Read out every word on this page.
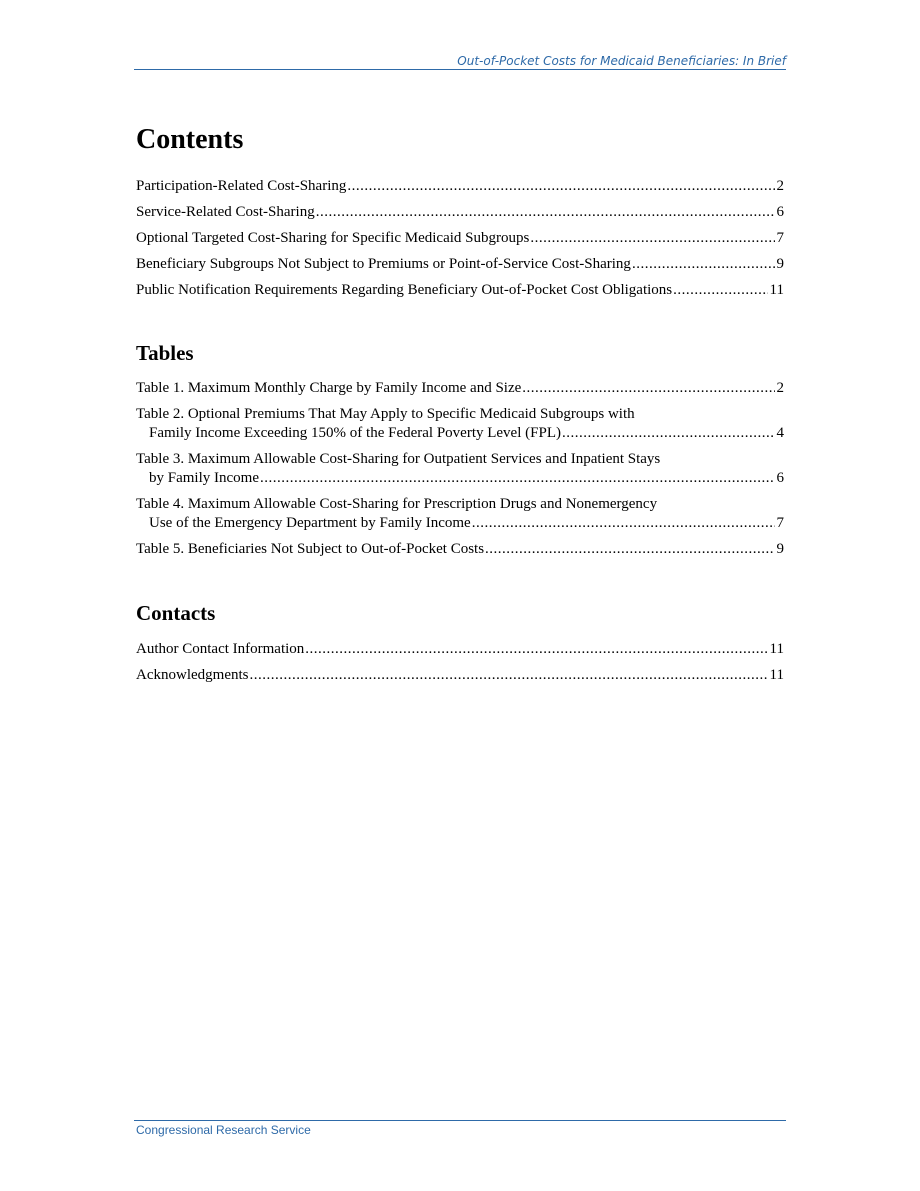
Out-of-Pocket Costs for Medicaid Beneficiaries: In Brief
Contents
Participation-Related Cost-Sharing .....	2
Service-Related Cost-Sharing .....	6
Optional Targeted Cost-Sharing for Specific Medicaid Subgroups .....	7
Beneficiary Subgroups Not Subject to Premiums or Point-of-Service Cost-Sharing .....	9
Public Notification Requirements Regarding Beneficiary Out-of-Pocket Cost Obligations .....	11
Tables
Table 1. Maximum Monthly Charge by Family Income and Size .....	2
Table 2. Optional Premiums That May Apply to Specific Medicaid Subgroups with
Family Income Exceeding 150% of the Federal Poverty Level (FPL) .....	4
Table 3. Maximum Allowable Cost-Sharing for Outpatient Services and Inpatient Stays
by Family Income .....	6
Table 4. Maximum Allowable Cost-Sharing for Prescription Drugs and Nonemergency
Use of the Emergency Department by Family Income .....	7
Table 5. Beneficiaries Not Subject to Out-of-Pocket Costs .....	9
Contacts
Author Contact Information .....	11
Acknowledgments .....	11
Congressional Research Service
